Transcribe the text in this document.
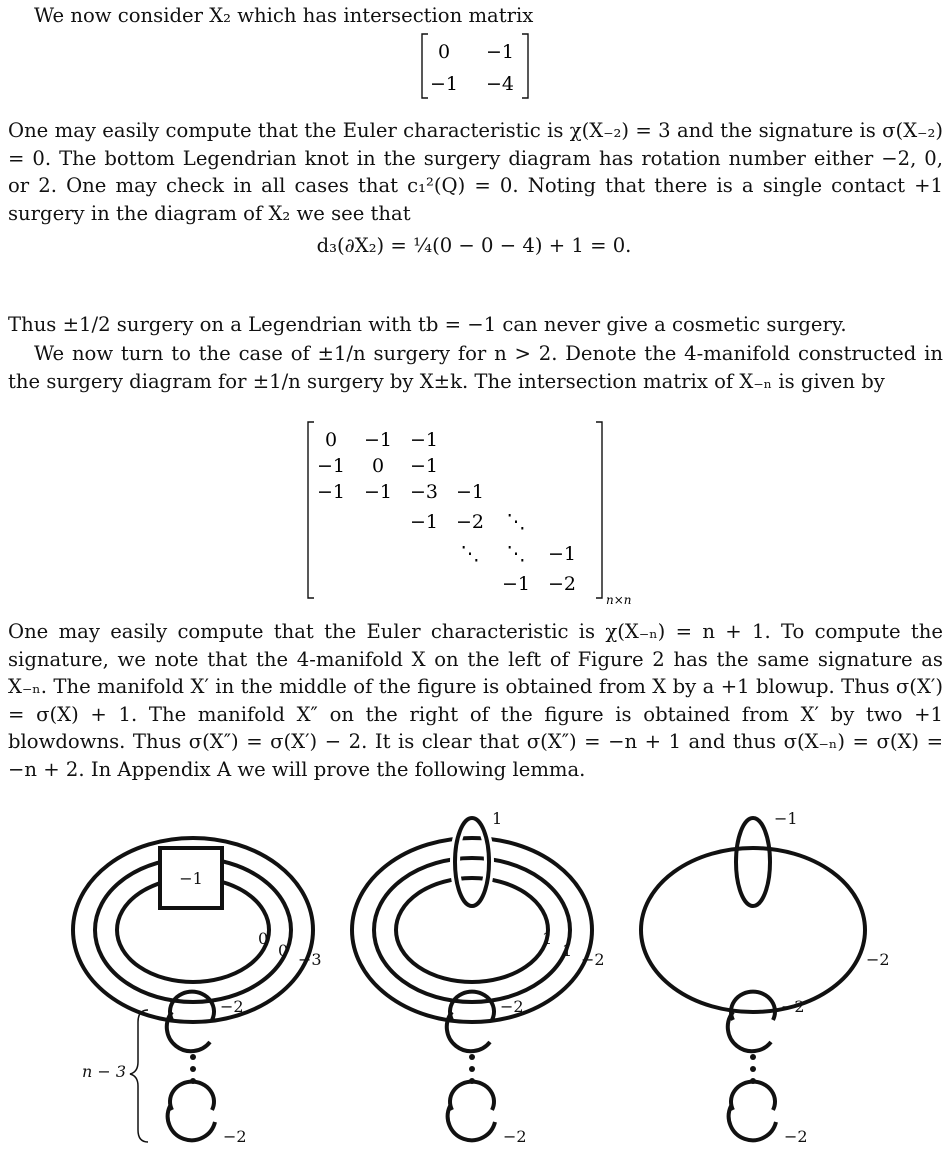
We now consider X₂ which has intersection matrix

0 −1
−1 −4

One may easily compute that the Euler characteristic is χ(X₋₂) = 3 and the signature is σ(X₋₂) = 0. The bottom Legendrian knot in the surgery diagram has rotation number either −2, 0, or 2. One may check in all cases that c₁²(Q) = 0. Noting that there is a single contact +1 surgery in the diagram of X₂ we see that

d₃(∂X₂) = ¼(0 − 0 − 4) + 1 = 0.

Thus ±1/2 surgery on a Legendrian with tb = −1 can never give a cosmetic surgery.

We now turn to the case of ±1/n surgery for n > 2. Denote the 4-manifold constructed in the surgery diagram for ±1/n surgery by X±k. The intersection matrix of X₋ₙ is given by

0 −1 −1
−1 0 −1
−1 −1 −3 −1
−1 −2 ⋱
⋱ ⋱ −1
−1 −2
n×n

One may easily compute that the Euler characteristic is χ(X₋ₙ) = n + 1. To compute the signature, we note that the 4-manifold X on the left of Figure 2 has the same signature as X₋ₙ. The manifold X′ in the middle of the figure is obtained from X by a +1 blowup. Thus σ(X′) = σ(X) + 1. The manifold X″ on the right of the figure is obtained from X′ by two +1 blowdowns. Thus σ(X″) = σ(X′) − 2. It is clear that σ(X″) = −n + 1 and thus σ(X₋ₙ) = σ(X) = −n + 2. In Appendix A we will prove the following lemma.

−1
0
0 −3
−2
−2
n − 3
1
1
1 −2
−2
−2
−1
−2
−2
−2
